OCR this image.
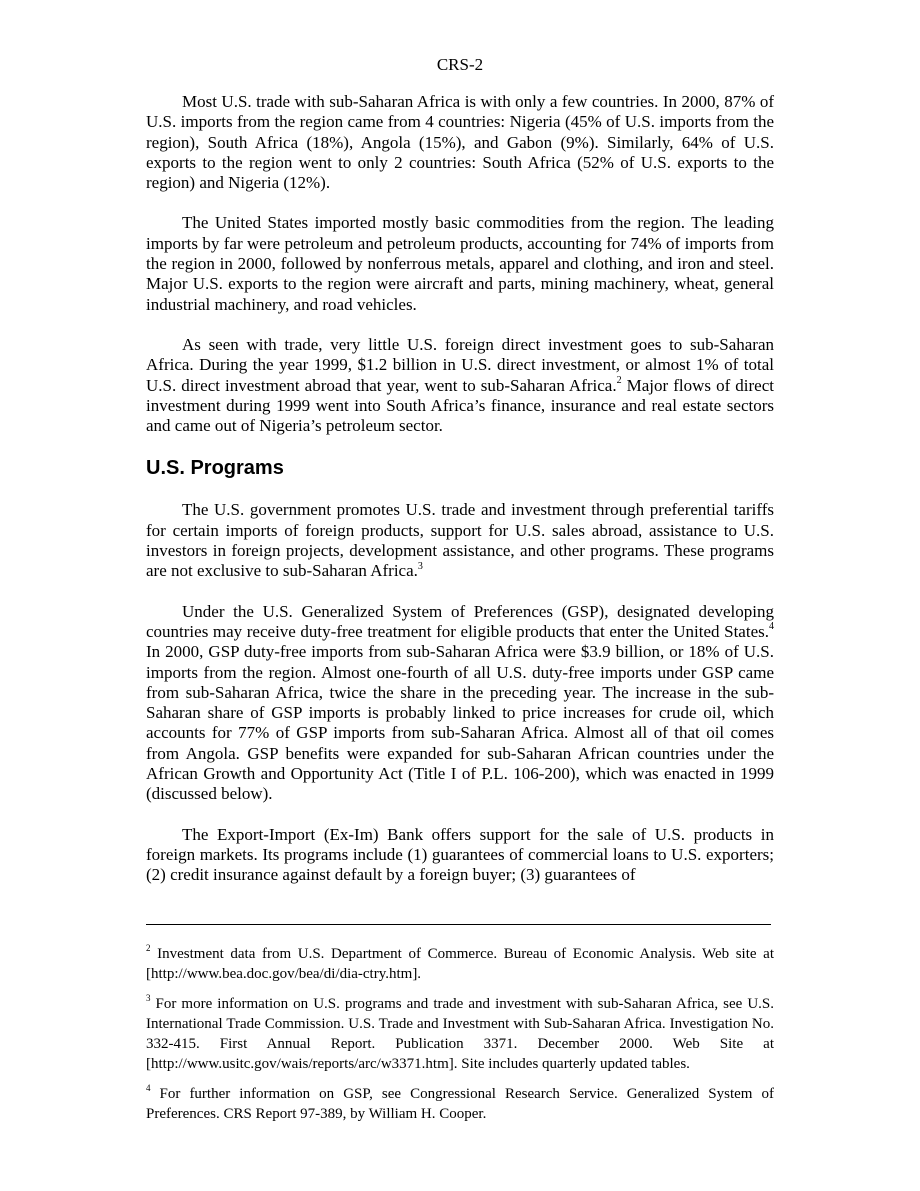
CRS-2

Most U.S. trade with sub-Saharan Africa is with only a few countries. In 2000, 87% of U.S. imports from the region came from 4 countries: Nigeria (45% of U.S. imports from the region), South Africa (18%), Angola (15%), and Gabon (9%). Similarly, 64% of U.S. exports to the region went to only 2 countries: South Africa (52% of U.S. exports to the region) and Nigeria (12%).

The United States imported mostly basic commodities from the region. The leading imports by far were petroleum and petroleum products, accounting for 74% of imports from the region in 2000, followed by nonferrous metals, apparel and clothing, and iron and steel. Major U.S. exports to the region were aircraft and parts, mining machinery, wheat, general industrial machinery, and road vehicles.

As seen with trade, very little U.S. foreign direct investment goes to sub-Saharan Africa. During the year 1999, $1.2 billion in U.S. direct investment, or almost 1% of total U.S. direct investment abroad that year, went to sub-Saharan Africa.$^2$ Major flows of direct investment during 1999 went into South Africa’s finance, insurance and real estate sectors and came out of Nigeria’s petroleum sector.

U.S. Programs

The U.S. government promotes U.S. trade and investment through preferential tariffs for certain imports of foreign products, support for U.S. sales abroad, assistance to U.S. investors in foreign projects, development assistance, and other programs. These programs are not exclusive to sub-Saharan Africa.$^3$

Under the U.S. Generalized System of Preferences (GSP), designated developing countries may receive duty-free treatment for eligible products that enter the United States.$^4$ In 2000, GSP duty-free imports from sub-Saharan Africa were $3.9 billion, or 18% of U.S. imports from the region. Almost one-fourth of all U.S. duty-free imports under GSP came from sub-Saharan Africa, twice the share in the preceding year. The increase in the sub-Saharan share of GSP imports is probably linked to price increases for crude oil, which accounts for 77% of GSP imports from sub-Saharan Africa. Almost all of that oil comes from Angola. GSP benefits were expanded for sub-Saharan African countries under the African Growth and Opportunity Act (Title I of P.L. 106-200), which was enacted in 1999 (discussed below).

The Export-Import (Ex-Im) Bank offers support for the sale of U.S. products in foreign markets. Its programs include (1) guarantees of commercial loans to U.S. exporters; (2) credit insurance against default by a foreign buyer; (3) guarantees of

$^2$ Investment data from U.S. Department of Commerce. Bureau of Economic Analysis. Web site at [http://www.bea.doc.gov/bea/di/dia-ctry.htm].

$^3$ For more information on U.S. programs and trade and investment with sub-Saharan Africa, see U.S. International Trade Commission. U.S. Trade and Investment with Sub-Saharan Africa. Investigation No. 332-415. First Annual Report. Publication 3371. December 2000. Web Site at [http://www.usitc.gov/wais/reports/arc/w3371.htm]. Site includes quarterly updated tables.

$^4$ For further information on GSP, see Congressional Research Service. Generalized System of Preferences. CRS Report 97-389, by William H. Cooper.
